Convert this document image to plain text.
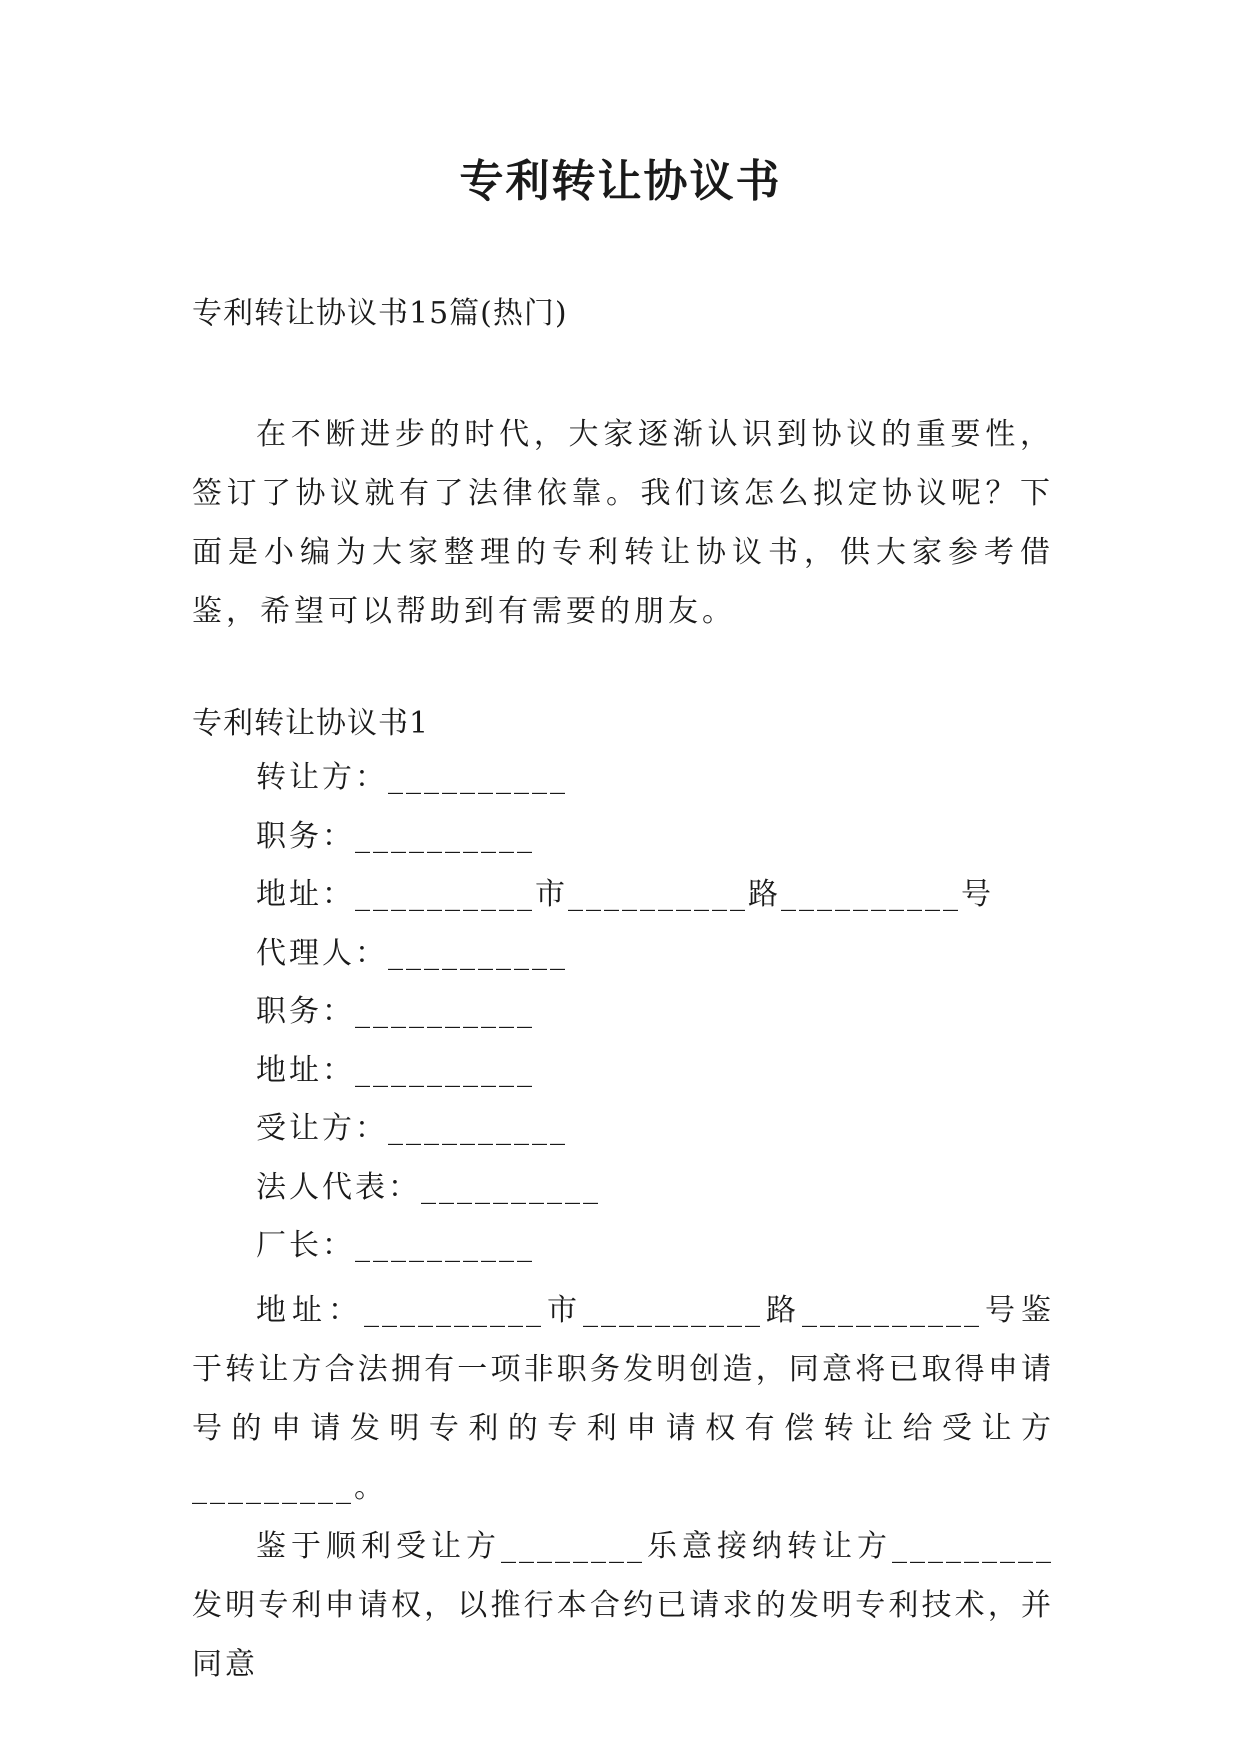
专利转让协议书
专利转让协议书15篇(热门)

在不断进步的时代，大家逐渐认识到协议的重要性，签订了协议就有了法律依靠。我们该怎么拟定协议呢？下面是小编为大家整理的专利转让协议书，供大家参考借鉴，希望可以帮助到有需要的朋友。

专利转让协议书1
转让方：__________
职务：__________
地址：__________市__________路__________号
代理人：__________
职务：__________
地址：__________
受让方：__________
法人代表：__________
厂长：__________

地址：__________市__________路__________号鉴于转让方合法拥有一项非职务发明创造，同意将已取得申请号的申请发明专利的专利申请权有偿转让给受让方_________。

鉴于顺利受让方________乐意接纳转让方_________发明专利申请权，以推行本合约已请求的发明专利技术，并同意
